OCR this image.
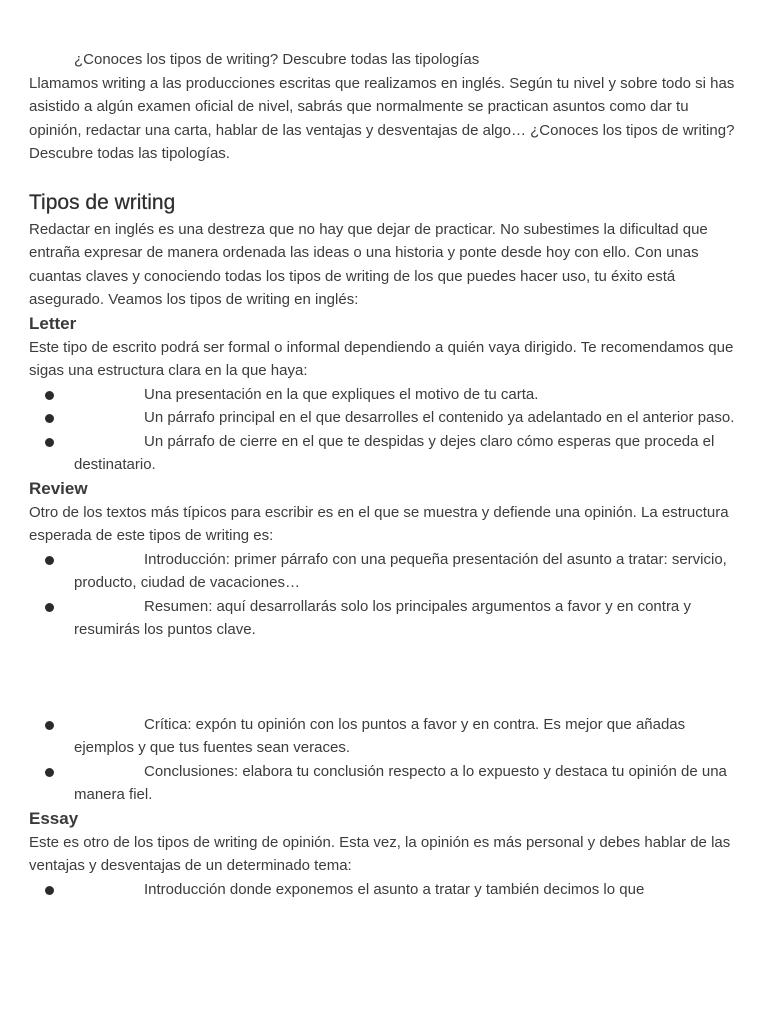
¿Conoces los tipos de writing? Descubre todas las tipologías

Llamamos writing a las producciones escritas que realizamos en inglés. Según tu nivel y sobre todo si has asistido a algún examen oficial de nivel, sabrás que normalmente se practican asuntos como dar tu opinión, redactar una carta, hablar de las ventajas y desventajas de algo… ¿Conoces los tipos de writing? Descubre todas las tipologías.

Tipos de writing

Redactar en inglés es una destreza que no hay que dejar de practicar. No subestimes la dificultad que entraña expresar de manera ordenada las ideas o una historia y ponte desde hoy con ello. Con unas cuantas claves y conociendo todas los tipos de writing de los que puedes hacer uso, tu éxito está asegurado. Veamos los tipos de writing en inglés:

Letter

Este tipo de escrito podrá ser formal o informal dependiendo a quién vaya dirigido. Te recomendamos que sigas una estructura clara en la que haya:

Una presentación en la que expliques el motivo de tu carta.
Un párrafo principal en el que desarrolles el contenido ya adelantado en el anterior paso.
Un párrafo de cierre en el que te despidas y dejes claro cómo esperas que proceda el destinatario.
Review

Otro de los textos más típicos para escribir es en el que se muestra y defiende una opinión. La estructura esperada de este tipos de writing es:

Introducción: primer párrafo con una pequeña presentación del asunto a tratar: servicio, producto, ciudad de vacaciones…
Resumen: aquí desarrollarás solo los principales argumentos a favor y en contra y resumirás los puntos clave.
Crítica: expón tu opinión con los puntos a favor y en contra. Es mejor que añadas ejemplos y que tus fuentes sean veraces.
Conclusiones: elabora tu conclusión respecto a lo expuesto y destaca tu opinión de una manera fiel.
Essay

Este es otro de los tipos de writing de opinión. Esta vez, la opinión es más personal y debes hablar de las ventajas y desventajas de un determinado tema:

Introducción donde exponemos el asunto a tratar y también decimos lo que
